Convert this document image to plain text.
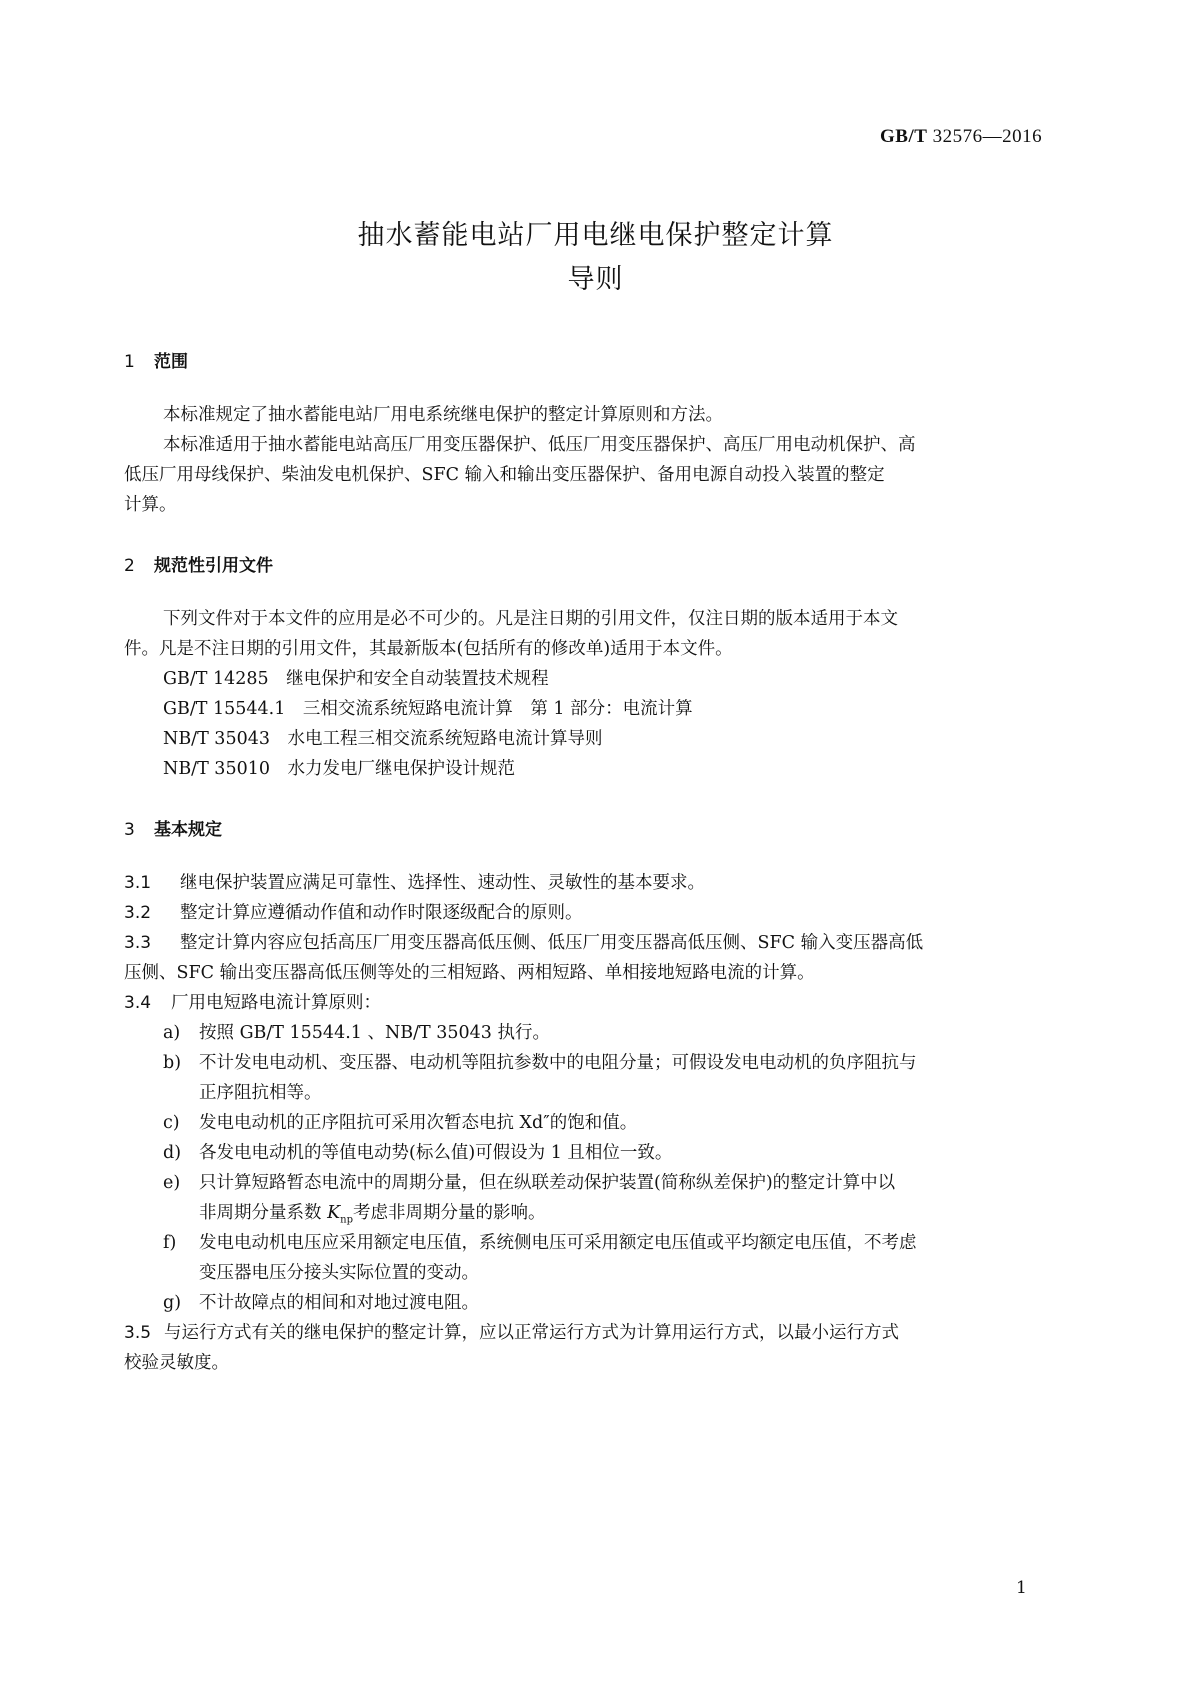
GB/T 32576—2016
抽水蓄能电站厂用电继电保护整定计算
导则
1 范围
本标准规定了抽水蓄能电站厂用电系统继电保护的整定计算原则和方法。
本标准适用于抽水蓄能电站高压厂用变压器保护、低压厂用变压器保护、高压厂用电动机保护、高
低压厂用母线保护、柴油发电机保护、SFC 输入和输出变压器保护、备用电源自动投入装置的整定
计算。
2 规范性引用文件
下列文件对于本文件的应用是必不可少的。凡是注日期的引用文件，仅注日期的版本适用于本文
件。凡是不注日期的引用文件，其最新版本(包括所有的修改单)适用于本文件。
GB/T 14285　 继电保护和安全自动装置技术规程
GB/T 15544.1　 三相交流系统短路电流计算　第 1 部分：电流计算
NB/T 35043　 水电工程三相交流系统短路电流计算导则
NB/T 35010　 水力发电厂继电保护设计规范
3 基本规定
3.1 继电保护装置应满足可靠性、选择性、速动性、灵敏性的基本要求。
3.2 整定计算应遵循动作值和动作时限逐级配合的原则。
3.3 整定计算内容应包括高压厂用变压器高低压侧、低压厂用变压器高低压侧、SFC 输入变压器高低
压侧、SFC 输出变压器高低压侧等处的三相短路、两相短路、单相接地短路电流的计算。
3.4 厂用电短路电流计算原则：
a) 按照 GB/T 15544.1 、NB/T 35043 执行。
b) 不计发电电动机、变压器、电动机等阻抗参数中的电阻分量；可假设发电电动机的负序阻抗与
正序阻抗相等。
c) 发电电动机的正序阻抗可采用次暂态电抗 Xd″的饱和值。
d) 各发电电动机的等值电动势(标么值)可假设为 1 且相位一致。
e) 只计算短路暂态电流中的周期分量，但在纵联差动保护装置(简称纵差保护)的整定计算中以
非周期分量系数 $K_{np}$考虑非周期分量的影响。
f) 发电电动机电压应采用额定电压值，系统侧电压可采用额定电压值或平均额定电压值，不考虑
变压器电压分接头实际位置的变动。
g) 不计故障点的相间和对地过渡电阻。
3.5 与运行方式有关的继电保护的整定计算，应以正常运行方式为计算用运行方式，以最小运行方式
校验灵敏度。
1
